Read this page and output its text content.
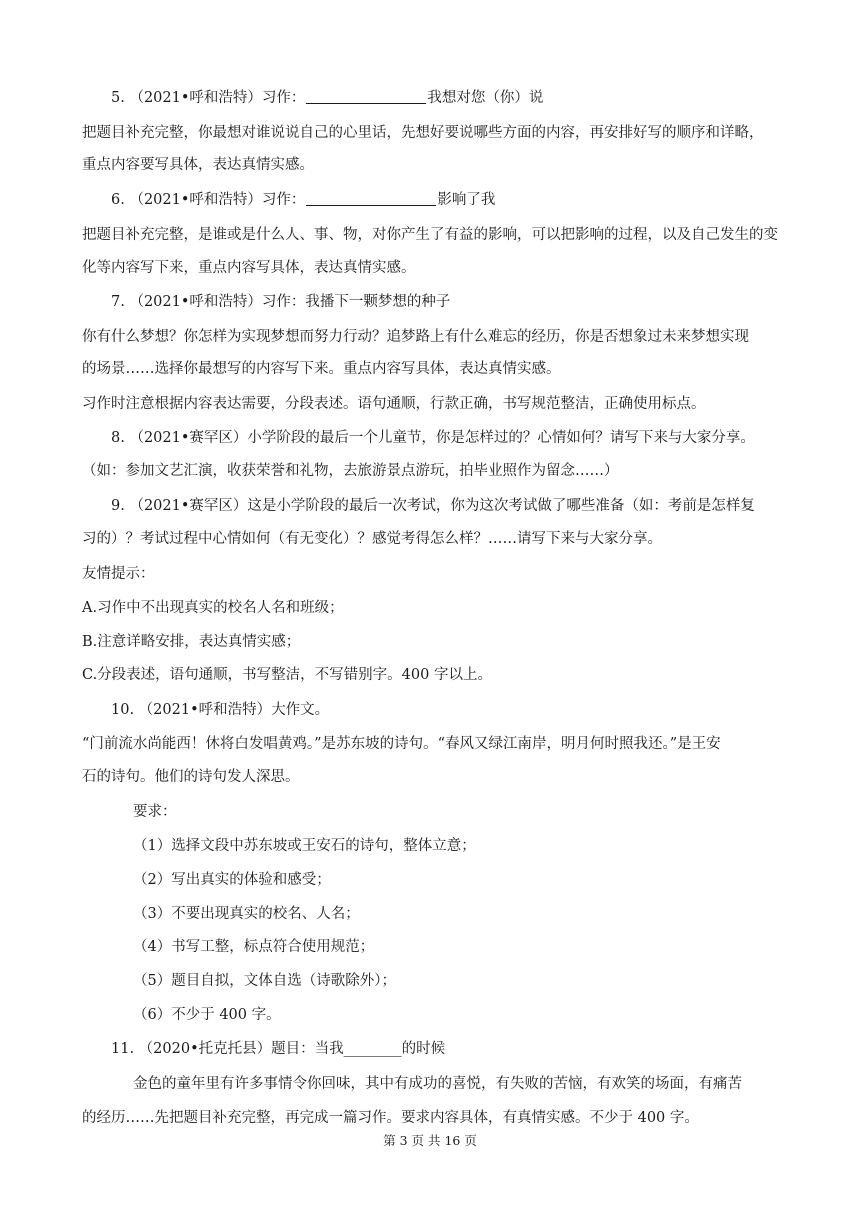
5. （2021•呼和浩特）习作：	我想对您（你）说
把题目补充完整，你最想对谁说说自己的心里话，先想好要说哪些方面的内容，再安排好写的顺序和详略，
重点内容要写具体，表达真情实感。
6. （2021•呼和浩特）习作：	影响了我
把题目补充完整，是谁或是什么人、事、物，对你产生了有益的影响，可以把影响的过程，以及自己发生的变
化等内容写下来，重点内容写具体，表达真情实感。
7. （2021•呼和浩特）习作：我播下一颗梦想的种子
你有什么梦想？你怎样为实现梦想而努力行动？追梦路上有什么难忘的经历，你是否想象过未来梦想实现
的场景……选择你最想写的内容写下来。重点内容写具体，表达真情实感。
习作时注意根据内容表达需要，分段表述。语句通顺，行款正确，书写规范整洁，正确使用标点。
8. （2021•赛罕区）小学阶段的最后一个儿童节，你是怎样过的？心情如何？请写下来与大家分享。
（如：参加文艺汇演，收获荣誉和礼物，去旅游景点游玩，拍毕业照作为留念……）
9. （2021•赛罕区）这是小学阶段的最后一次考试，你为这次考试做了哪些准备（如：考前是怎样复
习的）？考试过程中心情如何（有无变化）？感觉考得怎么样？……请写下来与大家分享。
友情提示：
A.习作中不出现真实的校名人名和班级；
B.注意详略安排，表达真情实感；
C.分段表述，语句通顺，书写整洁，不写错别字。400 字以上。
10. （2021•呼和浩特）大作文。
“门前流水尚能西！休将白发唱黄鸡。”是苏东坡的诗句。“春风又绿江南岸，明月何时照我还。”是王安
石的诗句。他们的诗句发人深思。
要求：
（1）选择文段中苏东坡或王安石的诗句，整体立意；
（2）写出真实的体验和感受；
（3）不要出现真实的校名、人名；
（4）书写工整，标点符合使用规范；
（5）题目自拟，文体自选（诗歌除外）；
（6）不少于 400 字。
11. （2020•托克托县）题目：当我________的时候
金色的童年里有许多事情令你回味，其中有成功的喜悦，有失败的苦恼，有欢笑的场面，有痛苦
的经历……先把题目补充完整，再完成一篇习作。要求内容具体，有真情实感。不少于 400 字。
第 3 页 共 16 页
